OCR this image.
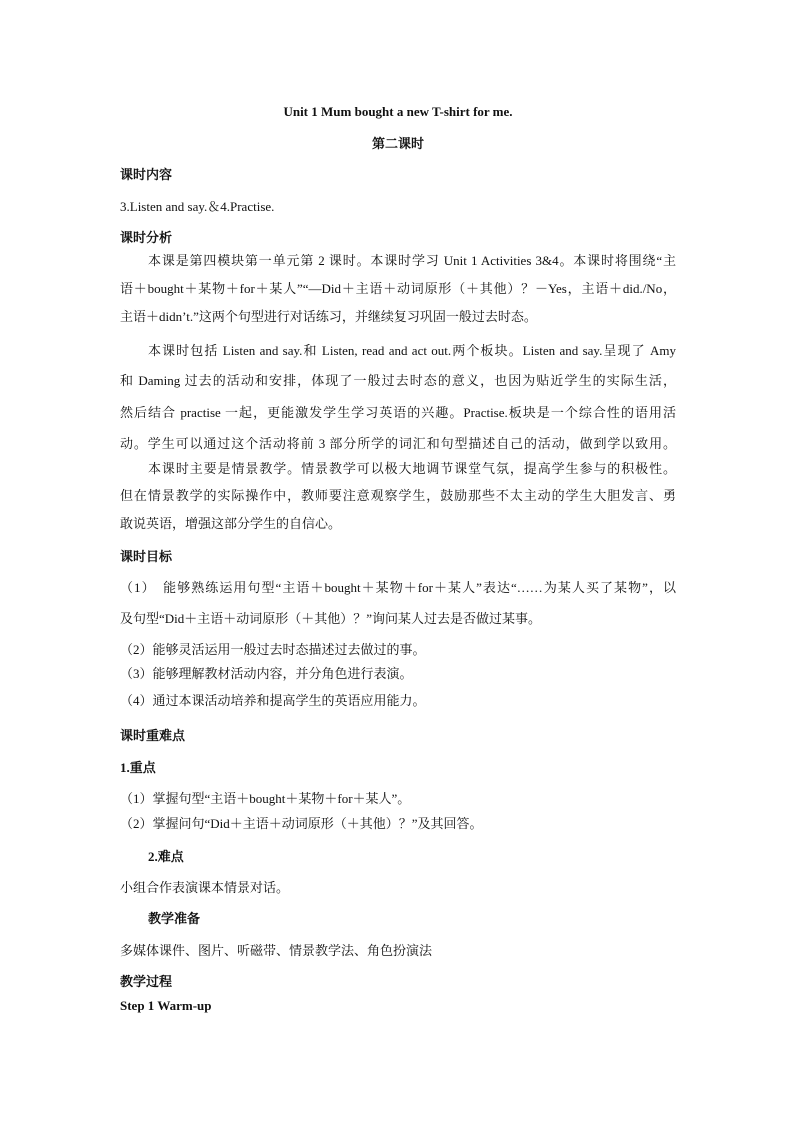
Unit 1 Mum bought a new T-shirt for me.
第二课时
课时内容
3.Listen and say.＆4.Practise.
课时分析
本课是第四模块第一单元第 2 课时。本课时学习 Unit 1 Activities 3&4。本课时将围绕“主
语＋bought＋某物＋for＋某人”“—Did＋主语＋动词原形（＋其他）？－Yes，主语＋did./No，
主语＋didn’t.”这两个句型进行对话练习，并继续复习巩固一般过去时态。
本课时包括 Listen and say.和 Listen, read and act out.两个板块。Listen and say.呈现了 Amy
和 Daming 过去的活动和安排，体现了一般过去时态的意义，也因为贴近学生的实际生活，
然后结合 practise 一起，更能激发学生学习英语的兴趣。Practise.板块是一个综合性的语用活
动。学生可以通过这个活动将前 3 部分所学的词汇和句型描述自己的活动，做到学以致用。
本课时主要是情景教学。情景教学可以极大地调节课堂气氛，提高学生参与的积极性。
但在情景教学的实际操作中，教师要注意观察学生，鼓励那些不太主动的学生大胆发言、勇
敢说英语，增强这部分学生的自信心。
课时目标
（1）　能够熟练运用句型“主语＋bought＋某物＋for＋某人”表达“……为某人买了某物”，以
及句型“Did＋主语＋动词原形（＋其他）？”询问某人过去是否做过某事。
（2）能够灵活运用一般过去时态描述过去做过的事。
（3）能够理解教材活动内容，并分角色进行表演。
（4）通过本课活动培养和提高学生的英语应用能力。
课时重难点
1.重点
（1）掌握句型“主语＋bought＋某物＋for＋某人”。
（2）掌握问句“Did＋主语＋动词原形（＋其他）？”及其回答。
2.难点
小组合作表演课本情景对话。
教学准备
多媒体课件、图片、听磁带、情景教学法、角色扮演法
教学过程
Step 1 Warm-up
